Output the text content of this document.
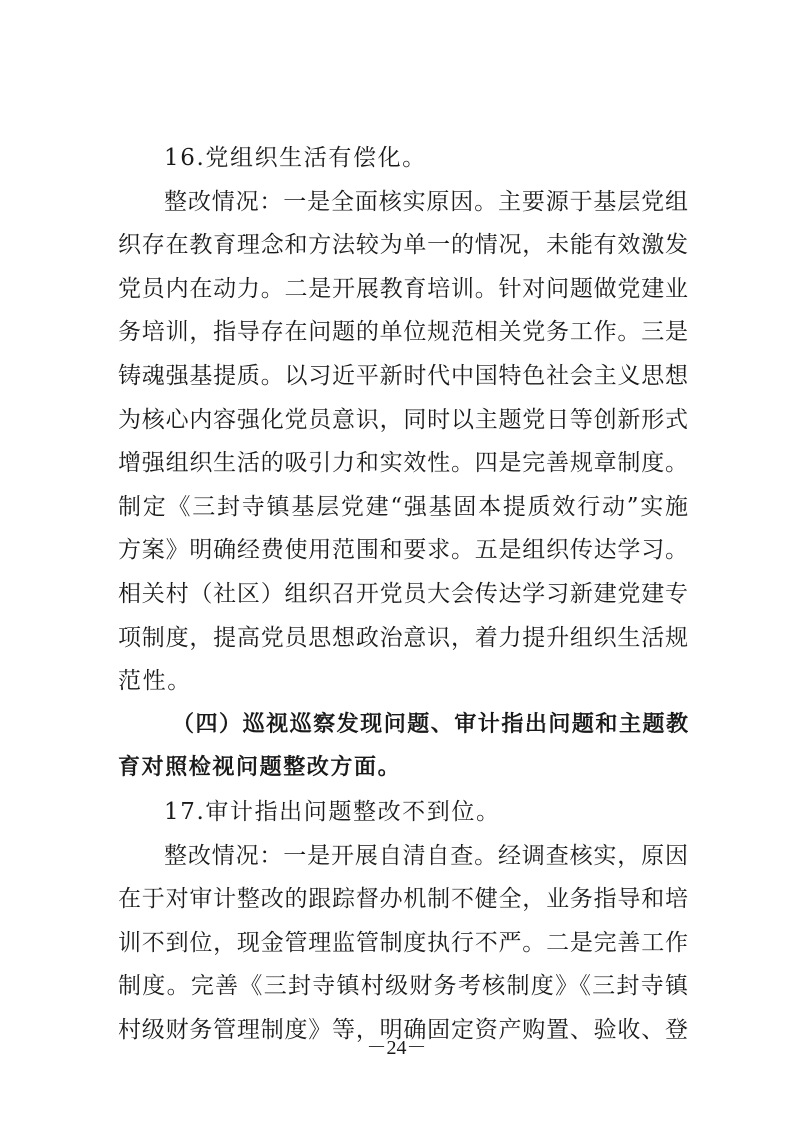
16.党组织生活有偿化。
整改情况：一是全面核实原因。主要源于基层党组
织存在教育理念和方法较为单一的情况，未能有效激发
党员内在动力。二是开展教育培训。针对问题做党建业
务培训，指导存在问题的单位规范相关党务工作。三是
铸魂强基提质。以习近平新时代中国特色社会主义思想
为核心内容强化党员意识，同时以主题党日等创新形式
增强组织生活的吸引力和实效性。四是完善规章制度。
制定《三封寺镇基层党建“强基固本提质效行动”实施
方案》明确经费使用范围和要求。五是组织传达学习。
相关村（社区）组织召开党员大会传达学习新建党建专
项制度，提高党员思想政治意识，着力提升组织生活规
范性。
（四）巡视巡察发现问题、审计指出问题和主题教
育对照检视问题整改方面。
17.审计指出问题整改不到位。
整改情况：一是开展自清自查。经调查核实，原因
在于对审计整改的跟踪督办机制不健全，业务指导和培
训不到位，现金管理监管制度执行不严。二是完善工作
制度。完善《三封寺镇村级财务考核制度》《三封寺镇
－24－
村级财务管理制度》等，明确固定资产购置、验收、登
